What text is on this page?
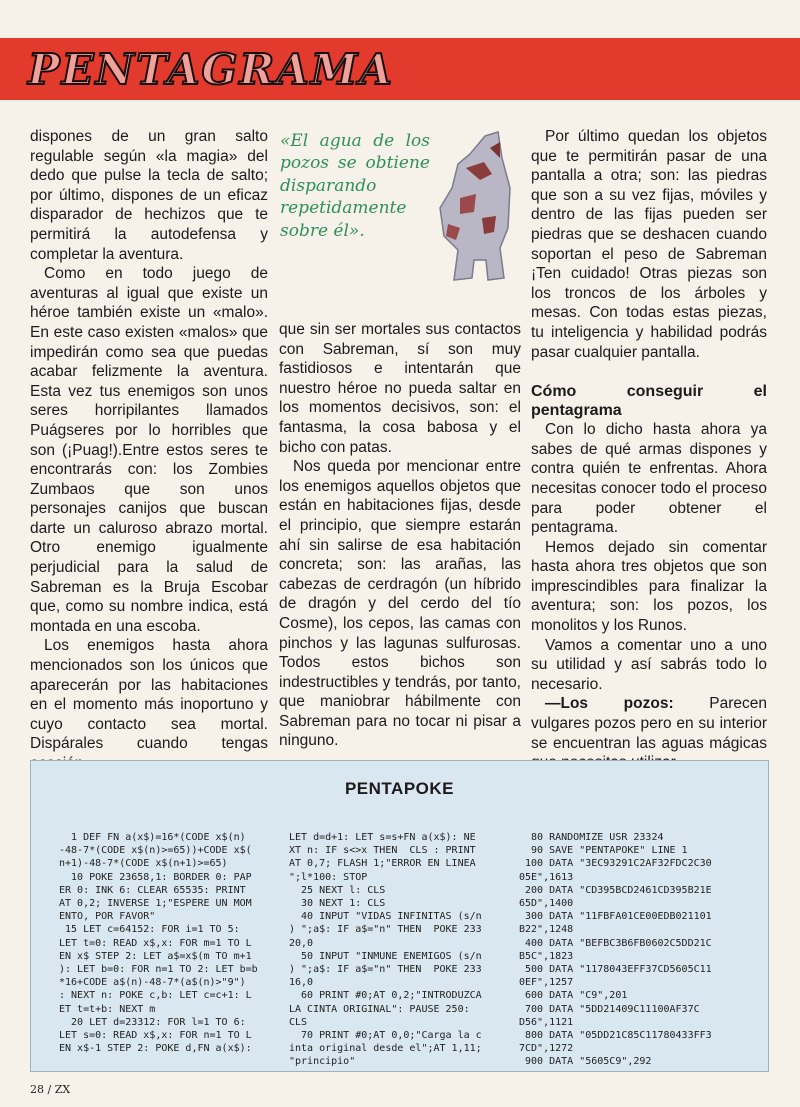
PENTAGRAMA

dispones de un gran salto regulable según «la magia» del dedo que pulse la tecla de salto; por último, dispones de un eficaz disparador de hechizos que te permitirá la autodefensa y completar la aventura.

Como en todo juego de aventuras al igual que existe un héroe también existe un «malo». En este caso existen «malos» que impedirán como sea que puedas acabar felizmente la aventura. Esta vez tus enemigos son unos seres horripilantes llamados Puágseres por lo horribles que son (¡Puag!).Entre estos seres te encontrarás con: los Zombies Zumbaos que son unos personajes canijos que buscan darte un caluroso abrazo mortal. Otro enemigo igualmente perjudicial para la salud de Sabreman es la Bruja Escobar que, como su nombre indica, está montada en una escoba.

Los enemigos hasta ahora mencionados son los únicos que aparecerán por las habitaciones en el momento más inoportuno y cuyo contacto sea mortal. Dispárales cuando tengas

«El agua de los pozos se obtiene disparando repetidamente sobre él».

que sin ser mortales sus contactos con Sabreman, sí son muy fastidiosos e intentarán que nuestro héroe no pueda saltar en los momentos decisivos, son: el fantasma, la cosa babosa y el bicho con patas.

Nos queda por mencionar entre los enemigos aquellos objetos que están en habitaciones fijas, desde el principio, que siempre estarán ahí sin salirse de esa habitación concreta; son: las arañas, las cabezas de cerdragón (un híbrido de dragón y del cerdo del tío Cosme), los cepos, las camas con pinchos y las lagunas sulfurosas. Todos estos bichos son indestructibles y tendrás, por tanto, que maniobrar hábilmente con Sabreman para no tocar ni pisar a ninguno.

Por último quedan los objetos que te permitirán pasar de una pantalla a otra; son: las piedras que son a su vez fijas, móviles y dentro de las fijas pueden ser piedras que se deshacen cuando soportan el peso de Sabreman ¡Ten cuidado! Otras piezas son los troncos de los árboles y mesas. Con todas estas piezas, tu inteligencia y habilidad podrás pasar cualquier pantalla.

Cómo conseguir el pentagrama

Con lo dicho hasta ahora ya sabes de qué armas dispones y contra quién te enfrentas. Ahora necesitas conocer todo el proceso para poder obtener el pentagrama.

Hemos dejado sin comentar hasta ahora tres objetos que son imprescindibles para finalizar la aventura; son: los pozos, los monolitos y los Runos.

Vamos a comentar uno a uno su utilidad y así sabrás todo lo necesario.

—Los pozos: Parecen vulgares pozos pero en su interior se encuentran las aguas mágicas

PENTAPOKE
1 DEF FN a(x$)=16*(CODE x$(n)
-48-7*(CODE x$(n)>=65))+CODE x$(
n+1)-48-7*(CODE x$(n+1)>=65)
10 POKE 23658,1: BORDER 0: PAP
ER 0: INK 6: CLEAR 65535: PRINT
AT 0,2; INVERSE 1;"ESPERE UN MOM
ENTO, POR FAVOR"
15 LET c=64152: FOR i=1 TO 5:
LET t=0: READ x$,x: FOR m=1 TO L
EN x$ STEP 2: LET a$=x$(m TO m+1
): LET b=0: FOR n=1 TO 2: LET b=b
*16+CODE a$(n)-48-7*(a$(n)>"9")
: NEXT n: POKE c,b: LET c=c+1: L
ET t=t+b: NEXT m
20 LET d=23312: FOR l=1 TO 6:
LET s=0: READ x$,x: FOR n=1 TO L
EN x$-1 STEP 2: POKE d,FN a(x$):
LET d=d+1: LET s=s+FN a(x$): NE
XT n: IF s<>x THEN  CLS : PRINT
AT 0,7; FLASH 1;"ERROR EN LINEA
";l*100: STOP
25 NEXT l: CLS
30 NEXT 1: CLS
40 INPUT "VIDAS INFINITAS (s/n
) ";a$: IF a$="n" THEN  POKE 233
20,0
50 INPUT "INMUNE ENEMIGOS (s/n
) ";a$: IF a$="n" THEN  POKE 233
16,0
60 PRINT #0;AT 0,2;"INTRODUZCA
LA CINTA ORIGINAL": PAUSE 250:
CLS
70 PRINT #0;AT 0,0;"Carga la c
inta original desde el";AT 1,11;
"principio"
80 RANDOMIZE USR 23324
90 SAVE "PENTAPOKE" LINE 1
100 DATA "3EC93291C2AF32FDC2C30
05E",1613
200 DATA "CD395BCD2461CD395B21E
65D",1400
300 DATA "11FBFA01CE00EDB021101
B22",1248
400 DATA "BEFBC3B6FB0602C5DD21C
B5C",1823
500 DATA "1178043EFF37CD5605C11
0EF",1257
600 DATA "C9",201
700 DATA "5DD21409C11100AF37C
D56",1121
800 DATA "05DD21C85C11780433FF3
7CD",1272
900 DATA "5605C9",292
28 / ZX
